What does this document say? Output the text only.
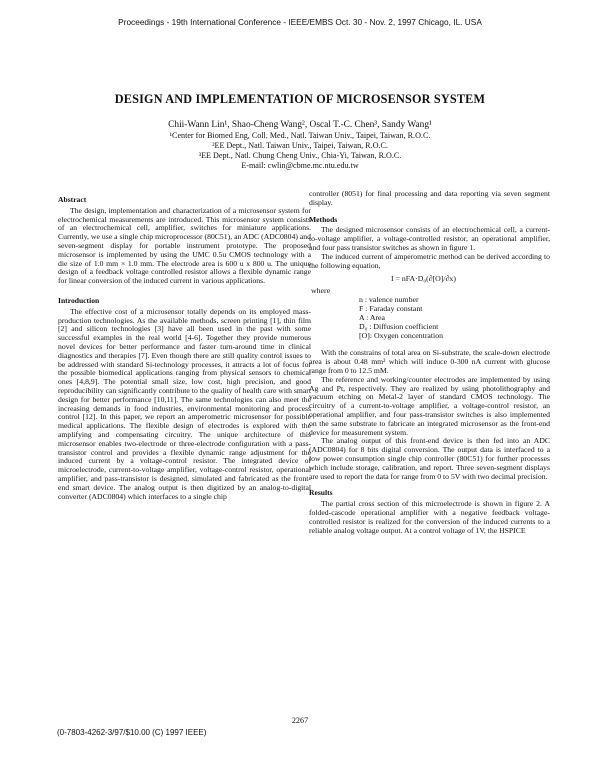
Proceedings - 19th International Conference - IEEE/EMBS Oct. 30 - Nov. 2, 1997 Chicago, IL. USA
DESIGN AND IMPLEMENTATION OF MICROSENSOR SYSTEM
Chii-Wann Lin¹, Shao-Cheng Wang², Oscal T.-C. Chen³, Sandy Wang¹
¹Center for Biomed Eng, Coll. Med., Natl. Taiwan Univ., Taipei, Taiwan, R.O.C.
²EE Dept., Natl. Taiwan Univ., Taipei, Taiwan, R.O.C.
³EE Dept., Natl. Chung Cheng Univ., Chia-Yi, Taiwan, R.O.C.
E-mail: cwlin@cbme.mc.ntu.edu.tw
Abstract

The design, implementation and characterization of a microsensor system for electrochemical measurements are introduced. This microsensor system consists of an electrochemical cell, amplifier, switches for miniature applications. Currently, we use a single chip microprocessor (80C51), an ADC (ADC0804) and seven-segment display for portable instrument prototype. The proposed microsensor is implemented by using the UMC 0.5u CMOS technology with a die size of 1.0 mm × 1.0 mm. The electrode area is 600 u x 800 u. The unique design of a feedback voltage controlled resistor allows a flexible dynamic range for linear conversion of the induced current in various applications.

Introduction

The effective cost of a microsensor totally depends on its employed mass-production technologies. As the available methods, screen printing [1], thin film [2] and silicon technologies [3] have all been used in the past with some successful examples in the real world [4-6]. Together they provide numerous novel devices for better performance and faster turn-around time in clinical diagnostics and therapies [7]. Even though there are still quality control issues to be addressed with standard Si-technology processes, it attracts a lot of focus for the possible biomedical applications ranging from physical sensors to chemical ones [4,8,9]. The potential small size, low cost, high precision, and good reproducibility can significantly contribute to the quality of health care with smart design for better performance [10,11]. The same technologies can also meet the increasing demands in food industries, environmental monitoring and process control [12]. In this paper, we report an amperometric microsensor for possible medical applications. The flexible design of electrodes is explored with the amplifying and compensating circuitry. The unique architecture of this microsensor enables two-electrode or three-electrode configuration with a pass-transistor control and provides a flexible dynamic range adjustment for the induced current by a voltage-control resistor. The integrated device of microelectrode, current-to-voltage amplifier, voltage-control resistor, operational amplifier, and pass-transistor is designed, simulated and fabricated as the front-end smart device. The analog output is then digitized by an analog-to-digital converter (ADC0804) which interfaces to a single chip

controller (8051) for final processing and data reporting via seven segment display.

Methods

The designed microsensor consists of an electrochemical cell, a current-to-voltage amplifier, a voltage-controlled resistor, an operational amplifier, and four pass transistor switches as shown in figure 1.

The induced current of amperometric method can be derived according to the following equation,

I = nFA·D₀(∂[O]/∂x)
where
n : valence number
F : Faraday constant
A : Area
D₀ : Diffusion coefficient
[O]: Oxygen concentration

With the constrains of total area on Si-substrate, the scale-down electrode area is about 0.48 mm² which will induce 0-300 nA current with glucose range from 0 to 12.5 mM.

The reference and working/counter electrodes are implemented by using Ag and Pt, respectively. They are realized by using photolithography and vacuum etching on Metal-2 layer of standard CMOS technology. The circuitry of a current-to-voltage amplifier, a voltage-control resistor, an operational amplifier, and four pass-transistor switches is also implemented on the same substrate to fabricate an integrated microsensor as the front-end device for measurement system.

The analog output of this front-end device is then fed into an ADC (ADC0804) for 8 bits digital conversion. The output data is interfaced to a low power consumption single chip controller (80C51) for further processes which include storage, calibration, and report. Three seven-segment displays are used to report the data for range from 0 to 5V with two decimal precision.

Results

The partial cross section of this microelectrode is shown in figure 2. A folded-cascode operational amplifier with a negative feedback voltage-controlled resistor is realized for the conversion of the induced currents to a reliable analog voltage output. At a control voltage of 1V, the HSPICE

2267
(0-7803-4262-3/97/$10.00 (C) 1997 IEEE)
